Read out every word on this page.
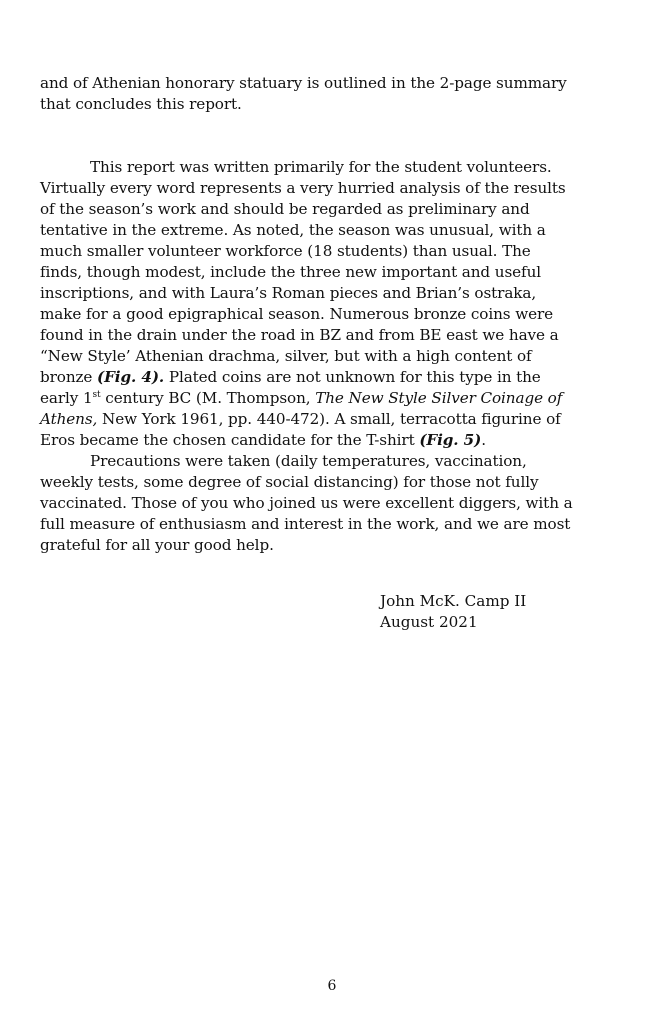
and of Athenian honorary statuary is outlined in the 2-page summary
that concludes this report.
This report was written primarily for the student volunteers.
Virtually every word represents a very hurried analysis of the results
of the season’s work and should be regarded as preliminary and
tentative in the extreme. As noted, the season was unusual, with a
much smaller volunteer workforce (18 students) than usual. The
finds, though modest, include the three new important and useful
inscriptions, and with Laura’s Roman pieces and Brian’s ostraka,
make for a good epigraphical season. Numerous bronze coins were
found in the drain under the road in BZ and from BE east we have a
“New Style’ Athenian drachma, silver, but with a high content of
bronze (Fig. 4). Plated coins are not unknown for this type in the
early 1st century BC (M. Thompson, The New Style Silver Coinage of
Athens, New York 1961, pp. 440-472). A small, terracotta figurine of
Eros became the chosen candidate for the T-shirt (Fig. 5).
Precautions were taken (daily temperatures, vaccination,
weekly tests, some degree of social distancing) for those not fully
vaccinated. Those of you who joined us were excellent diggers, with a
full measure of enthusiasm and interest in the work, and we are most
grateful for all your good help.
John McK. Camp II
August 2021
6
